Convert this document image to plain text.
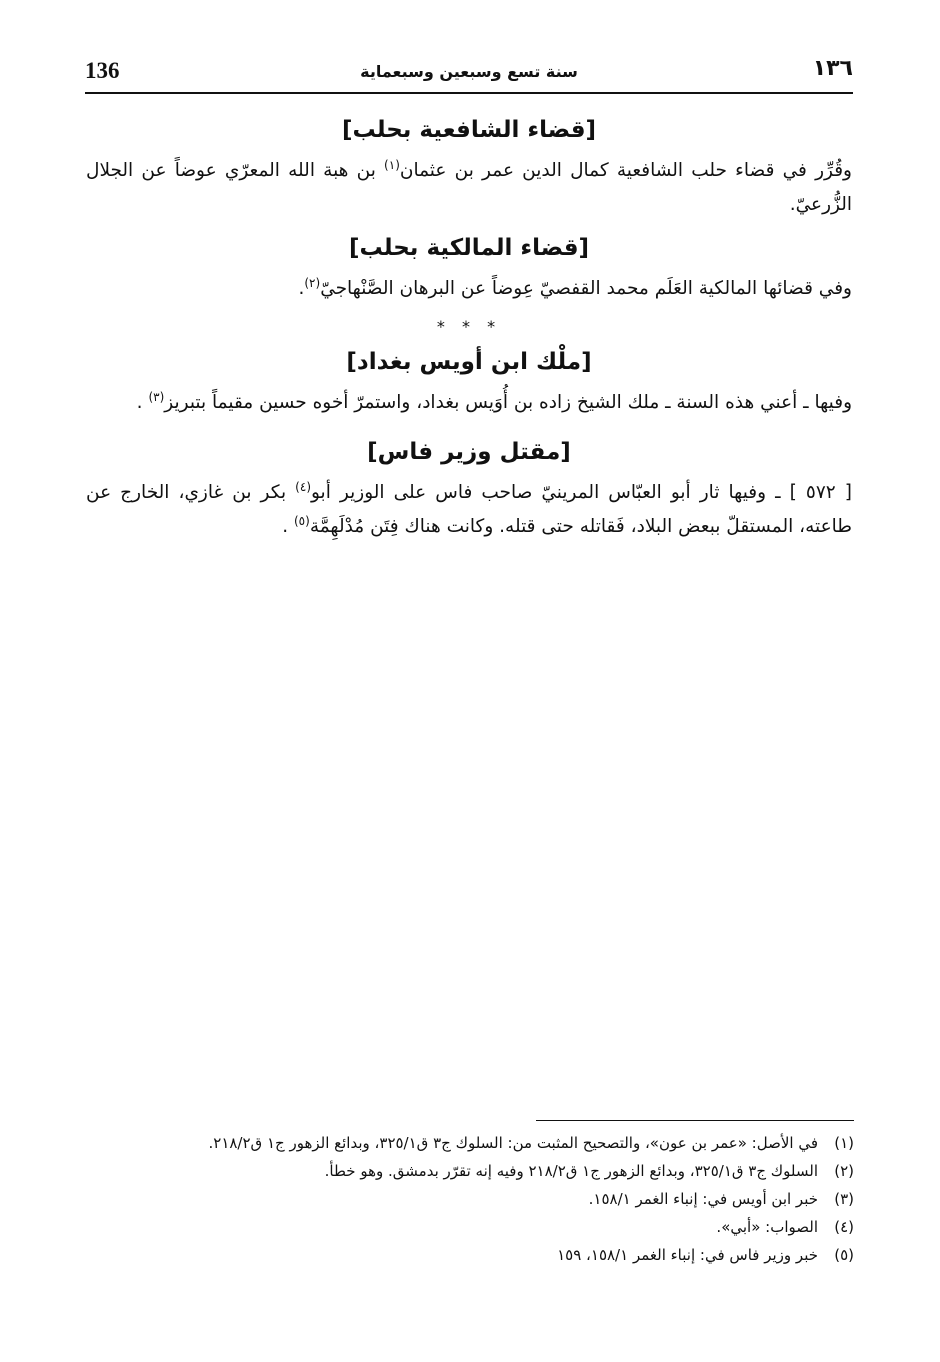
136	سنة تسع وسبعين وسبعماية	١٣٦
[قضاء الشافعية بحلب]

وقُرِّر في قضاء حلب الشافعية كمال الدين عمر بن عثمان$^{(١)}$ بن هبة الله المعرّي عوضاً عن الجلال الزُّرعيّ.

[قضاء المالكية بحلب]

وفي قضائها المالكية العَلَم محمد القفصيّ عِوضاً عن البرهان الصَّنْهاجيّ$^{(٢)}$.

* * *
[ملْك ابن أويس بغداد]

وفيها ـ أعني هذه السنة ـ ملك الشيخ زاده بن أُوَيس بغداد، واستمرّ أخوه حسين مقيماً بتبريز$^{(٣)}$ .

[مقتل وزير فاس]

[ ٥٧٢ ] ـ وفيها ثار أبو العبّاس المرينيّ صاحب فاس على الوزير أبو$^{(٤)}$ بكر بن غازي، الخارج عن طاعته، المستقلّ ببعض البلاد، فَقاتله حتى قتله. وكانت هناك فِتَن مُدْلَهِمَّة$^{(٥)}$ .

(١)
في الأصل: «عمر بن عون»، والتصحيح المثبت من: السلوك ج٣ ق٣٢٥/١، وبدائع الزهور ج١ ق٢١٨/٢.
(٢)
السلوك ج٣ ق٣٢٥/١، وبدائع الزهور ج١ ق٢١٨/٢ وفيه إنه تقرّر بدمشق. وهو خطأ.
(٣)
خبر ابن أويس في: إنباء الغمر ١٥٨/١.
(٤)
الصواب: «أبي».
(٥)
خبر وزير فاس في: إنباء الغمر ١٥٨/١، ١٥٩
